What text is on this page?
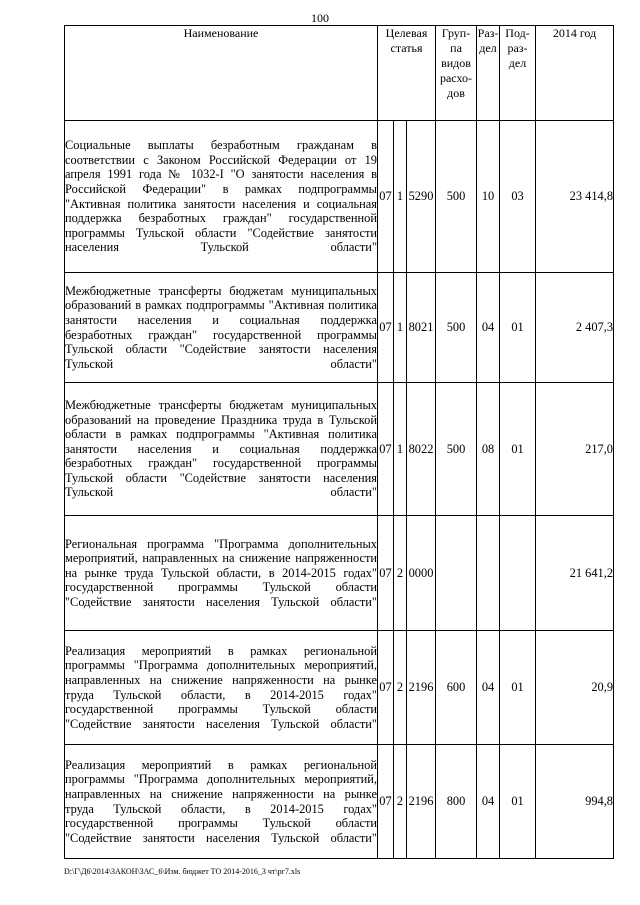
100
Наименование	Целевая статья			Груп-па видов расхо-дов	Раз-дел	Под-раз-дел	2014 год
Социальные выплаты безработным гражданам в соответствии с Законом Российской Федерации от 19 апреля 1991 года № 1032-I "О занятости населения в Российской Федерации" в рамках подпрограммы "Активная политика занятости населения и социальная поддержка безработных граждан" государственной программы Тульской области "Содействие занятости населения Тульской области"	07	1	5290	500	10	03	23 414,8
Межбюджетные трансферты бюджетам муниципальных образований в рамках подпрограммы "Активная политика занятости населения и социальная поддержка безработных граждан" государственной программы Тульской области "Содействие занятости населения Тульской области"	07	1	8021	500	04	01	2 407,3
Межбюджетные трансферты бюджетам муниципальных образований на проведение Праздника труда в Тульской области в рамках подпрограммы "Активная политика занятости населения и социальная поддержка безработных граждан" государственной программы Тульской области "Содействие занятости населения Тульской области"	07	1	8022	500	08	01	217,0
Региональная программа "Программа дополнительных мероприятий, направленных на снижение напряженности на рынке труда Тульской области, в 2014-2015 годах" государственной программы Тульской области "Содействие занятости населения Тульской области"	07	2	0000				21 641,2
Реализация мероприятий в рамках региональной программы "Программа дополнительных мероприятий, направленных на снижение напряженности на рынке труда Тульской области, в 2014-2015 годах" государственной программы Тульской области "Содействие занятости населения Тульской области"	07	2	2196	600	04	01	20,9
Реализация мероприятий в рамках региональной программы "Программа дополнительных мероприятий, направленных на снижение напряженности на рынке труда Тульской области, в 2014-2015 годах" государственной программы Тульской области "Содействие занятости населения Тульской области"	07	2	2196	800	04	01	994,8
D:\Г\Д6\2014\ЗАКОН\ЗАС_6\Изм. бюджет ТО 2014-2016_3 чт\рг7.xls
